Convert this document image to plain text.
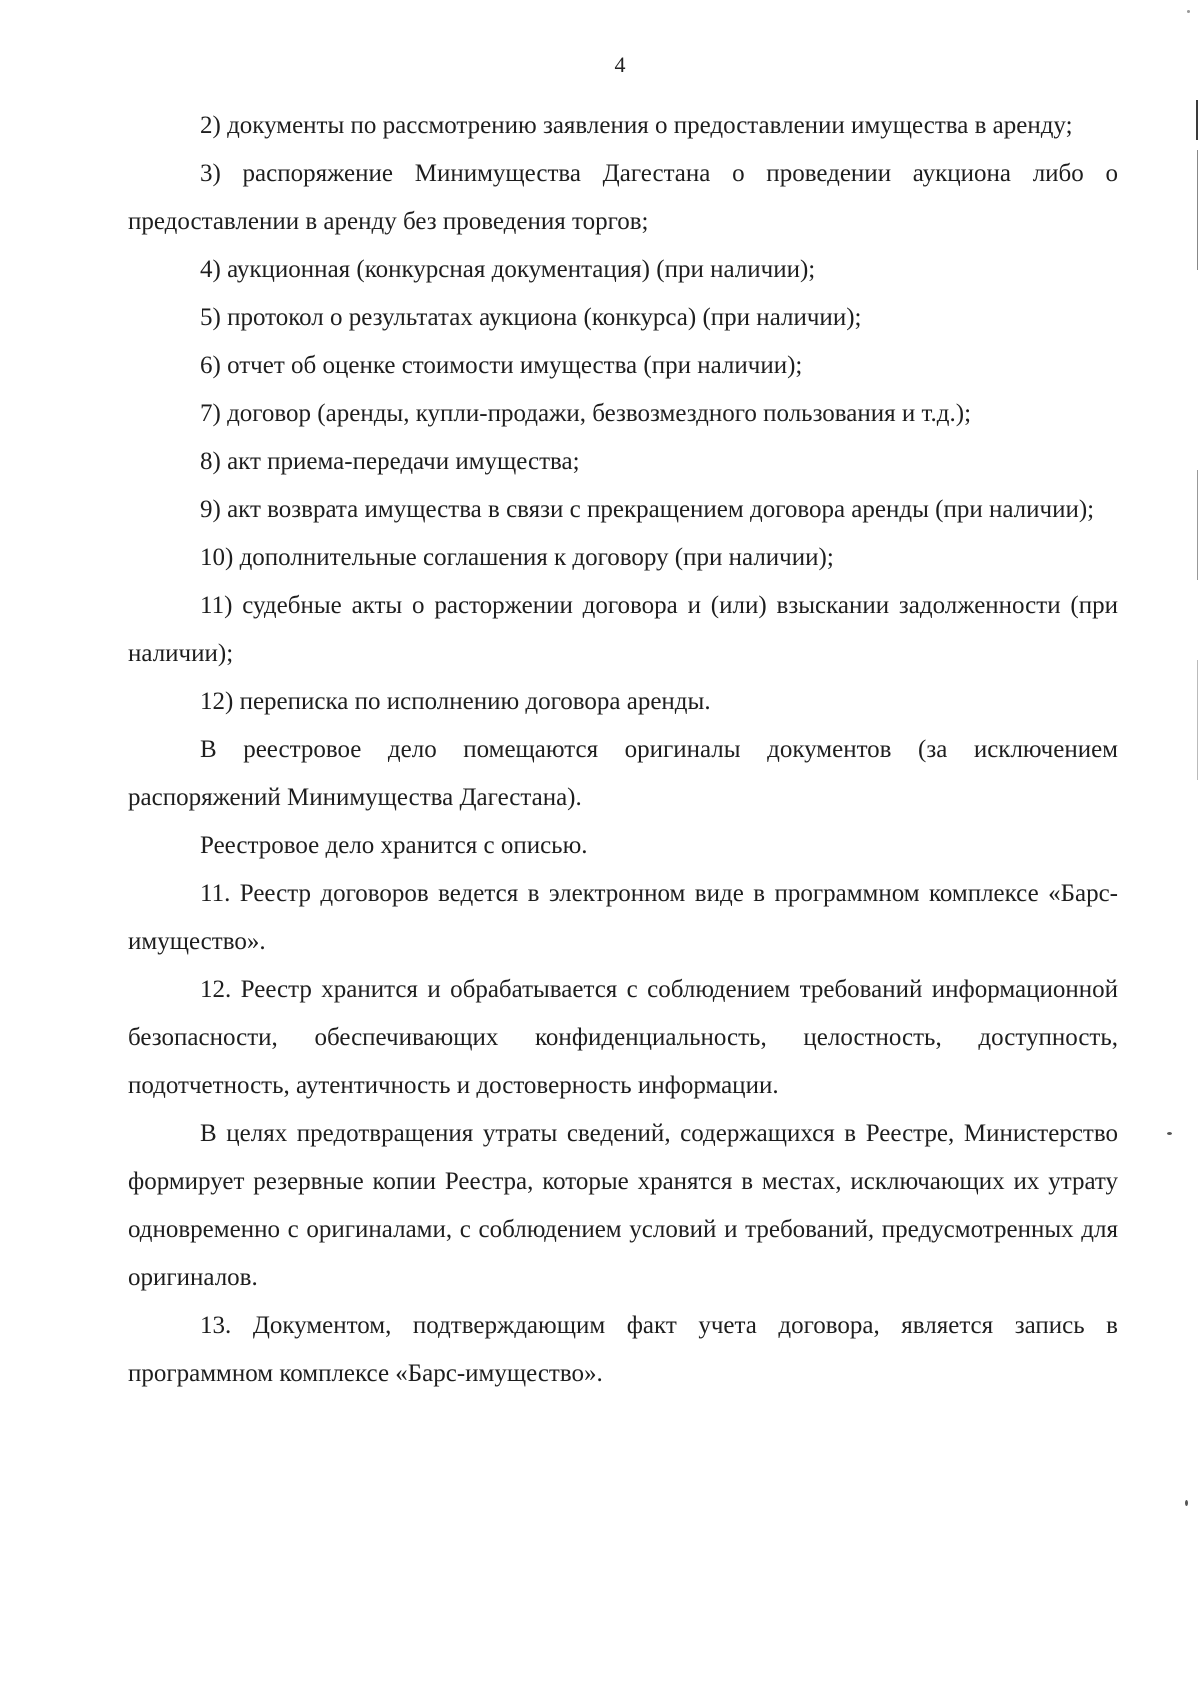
4

2) документы по рассмотрению заявления о предоставлении имущества в аренду;

3) распоряжение Минимущества Дагестана о проведении аукциона либо о предоставлении в аренду без проведения торгов;

4) аукционная (конкурсная документация) (при наличии);

5) протокол о результатах аукциона (конкурса) (при наличии);

6) отчет об оценке стоимости имущества (при наличии);

7) договор (аренды, купли-продажи, безвозмездного пользования и т.д.);

8) акт приема-передачи имущества;

9) акт возврата имущества в связи с прекращением договора аренды (при наличии);

10) дополнительные соглашения к договору (при наличии);

11) судебные акты о расторжении договора и (или) взыскании задолженности (при наличии);

12) переписка по исполнению договора аренды.

В реестровое дело помещаются оригиналы документов (за исключением распоряжений Минимущества Дагестана).

Реестровое дело хранится с описью.

11. Реестр договоров ведется в электронном виде в программном комплексе «Барс-имущество».

12. Реестр хранится и обрабатывается с соблюдением требований информационной безопасности, обеспечивающих конфиденциальность, целостность, доступность, подотчетность, аутентичность и достоверность информации.

В целях предотвращения утраты сведений, содержащихся в Реестре, Министерство формирует резервные копии Реестра, которые хранятся в местах, исключающих их утрату одновременно с оригиналами, с соблюдением условий и требований, предусмотренных для оригиналов.

13. Документом, подтверждающим факт учета договора, является запись в программном комплексе «Барс-имущество».
